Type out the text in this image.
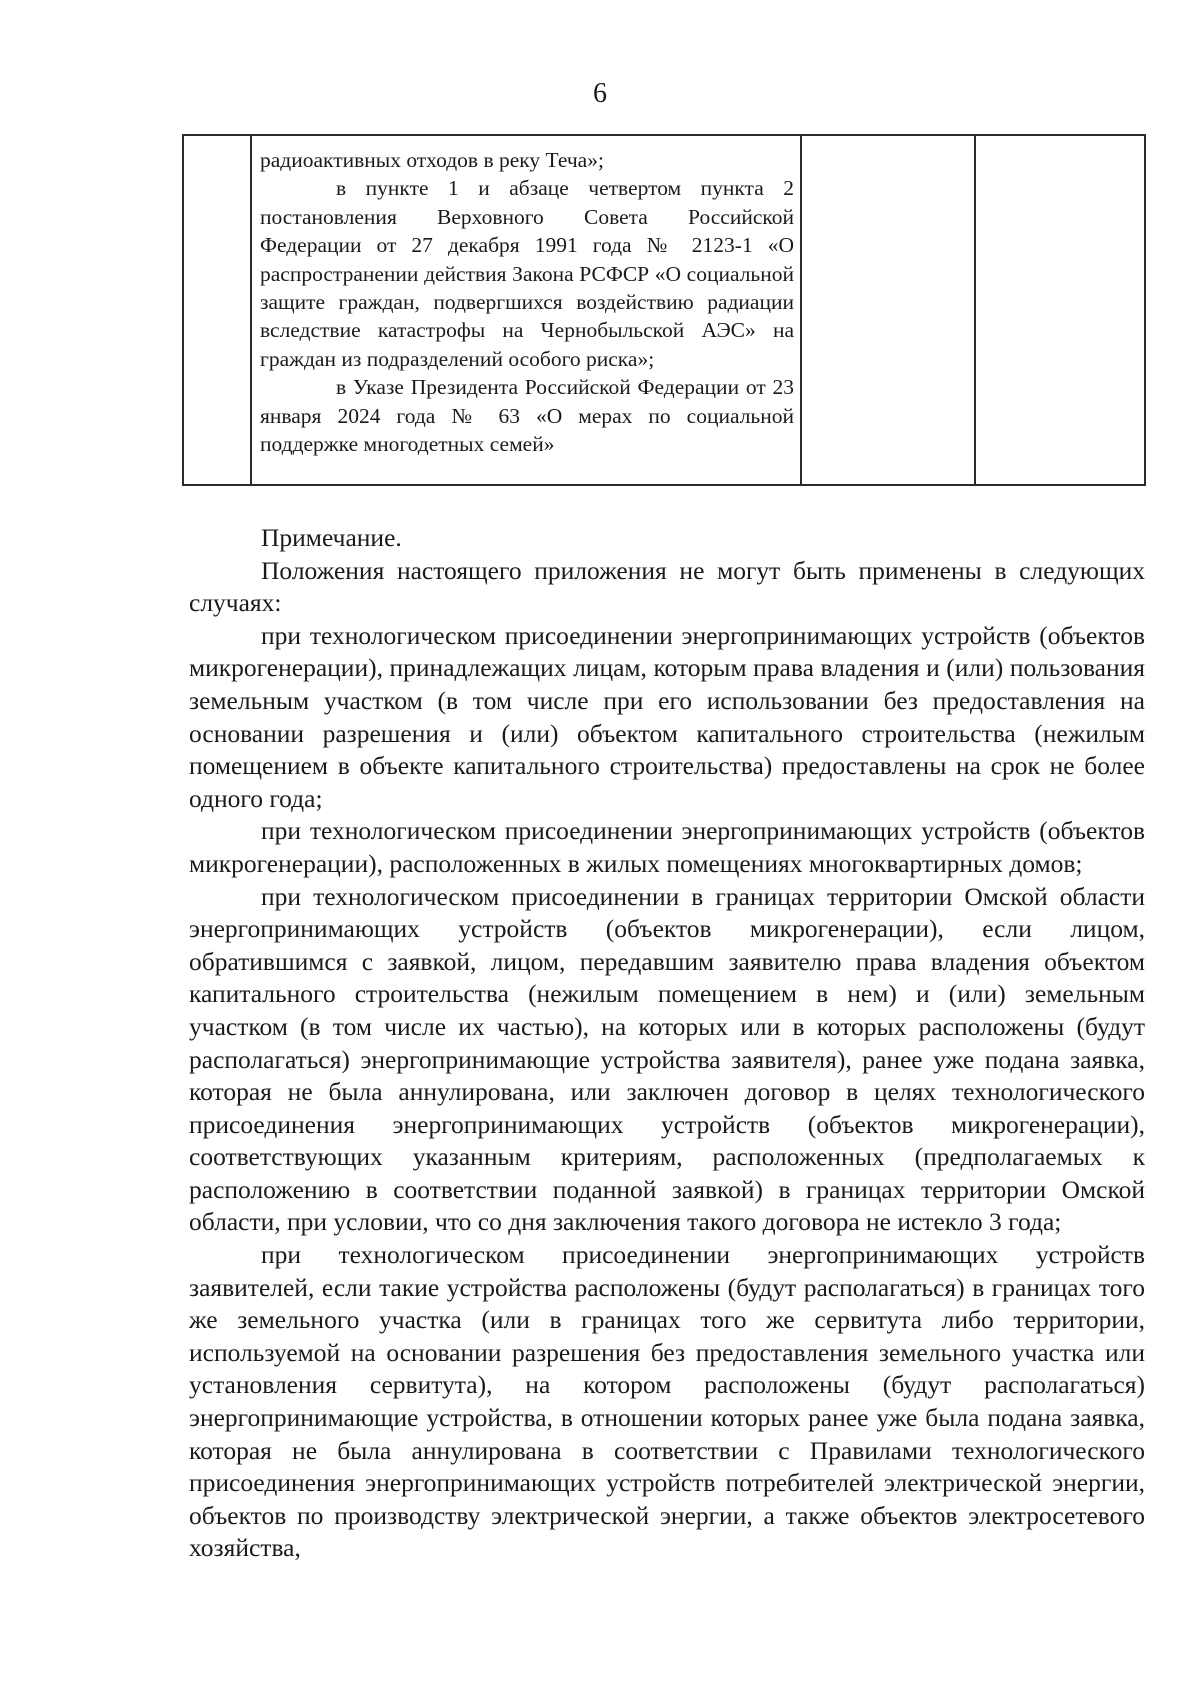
6

радиоактивных отходов в реку Теча»;

в пункте 1 и абзаце четвертом пункта 2 постановления Верховного Совета Российской Федерации от 27 декабря 1991 года № 2123-1 «О распространении действия Закона РСФСР «О социальной защите граждан, подвергшихся воздействию радиации вследствие катастрофы на Чернобыльской АЭС» на граждан из подразделений особого риска»;

в Указе Президента Российской Федерации от 23 января 2024 года № 63 «О мерах по социальной поддержке многодетных семей»

Примечание.

Положения настоящего приложения не могут быть применены в следующих случаях:

при технологическом присоединении энергопринимающих устройств (объектов микрогенерации), принадлежащих лицам, которым права владения и (или) пользования земельным участком (в том числе при его использовании без предоставления на основании разрешения и (или) объектом капитального строительства (нежилым помещением в объекте капитального строительства) предоставлены на срок не более одного года;

при технологическом присоединении энергопринимающих устройств (объектов микрогенерации), расположенных в жилых помещениях многоквартирных домов;

при технологическом присоединении в границах территории Омской области энергопринимающих устройств (объектов микрогенерации), если лицом, обратившимся с заявкой, лицом, передавшим заявителю права владения объектом капитального строительства (нежилым помещением в нем) и (или) земельным участком (в том числе их частью), на которых или в которых расположены (будут располагаться) энергопринимающие устройства заявителя), ранее уже подана заявка, которая не была аннулирована, или заключен договор в целях технологического присоединения энергопринимающих устройств (объектов микрогенерации), соответствующих указанным критериям, расположенных (предполагаемых к расположению в соответствии поданной заявкой) в границах территории Омской области, при условии, что со дня заключения такого договора не истекло 3 года;

при технологическом присоединении энергопринимающих устройств заявителей, если такие устройства расположены (будут располагаться) в границах того же земельного участка (или в границах того же сервитута либо территории, используемой на основании разрешения без предоставления земельного участка или установления сервитута), на котором расположены (будут располагаться) энергопринимающие устройства, в отношении которых ранее уже была подана заявка, которая не была аннулирована в соответствии с Правилами технологического присоединения энергопринимающих устройств потребителей электрической энергии, объектов по производству электрической энергии, а также объектов электросетевого хозяйства,
